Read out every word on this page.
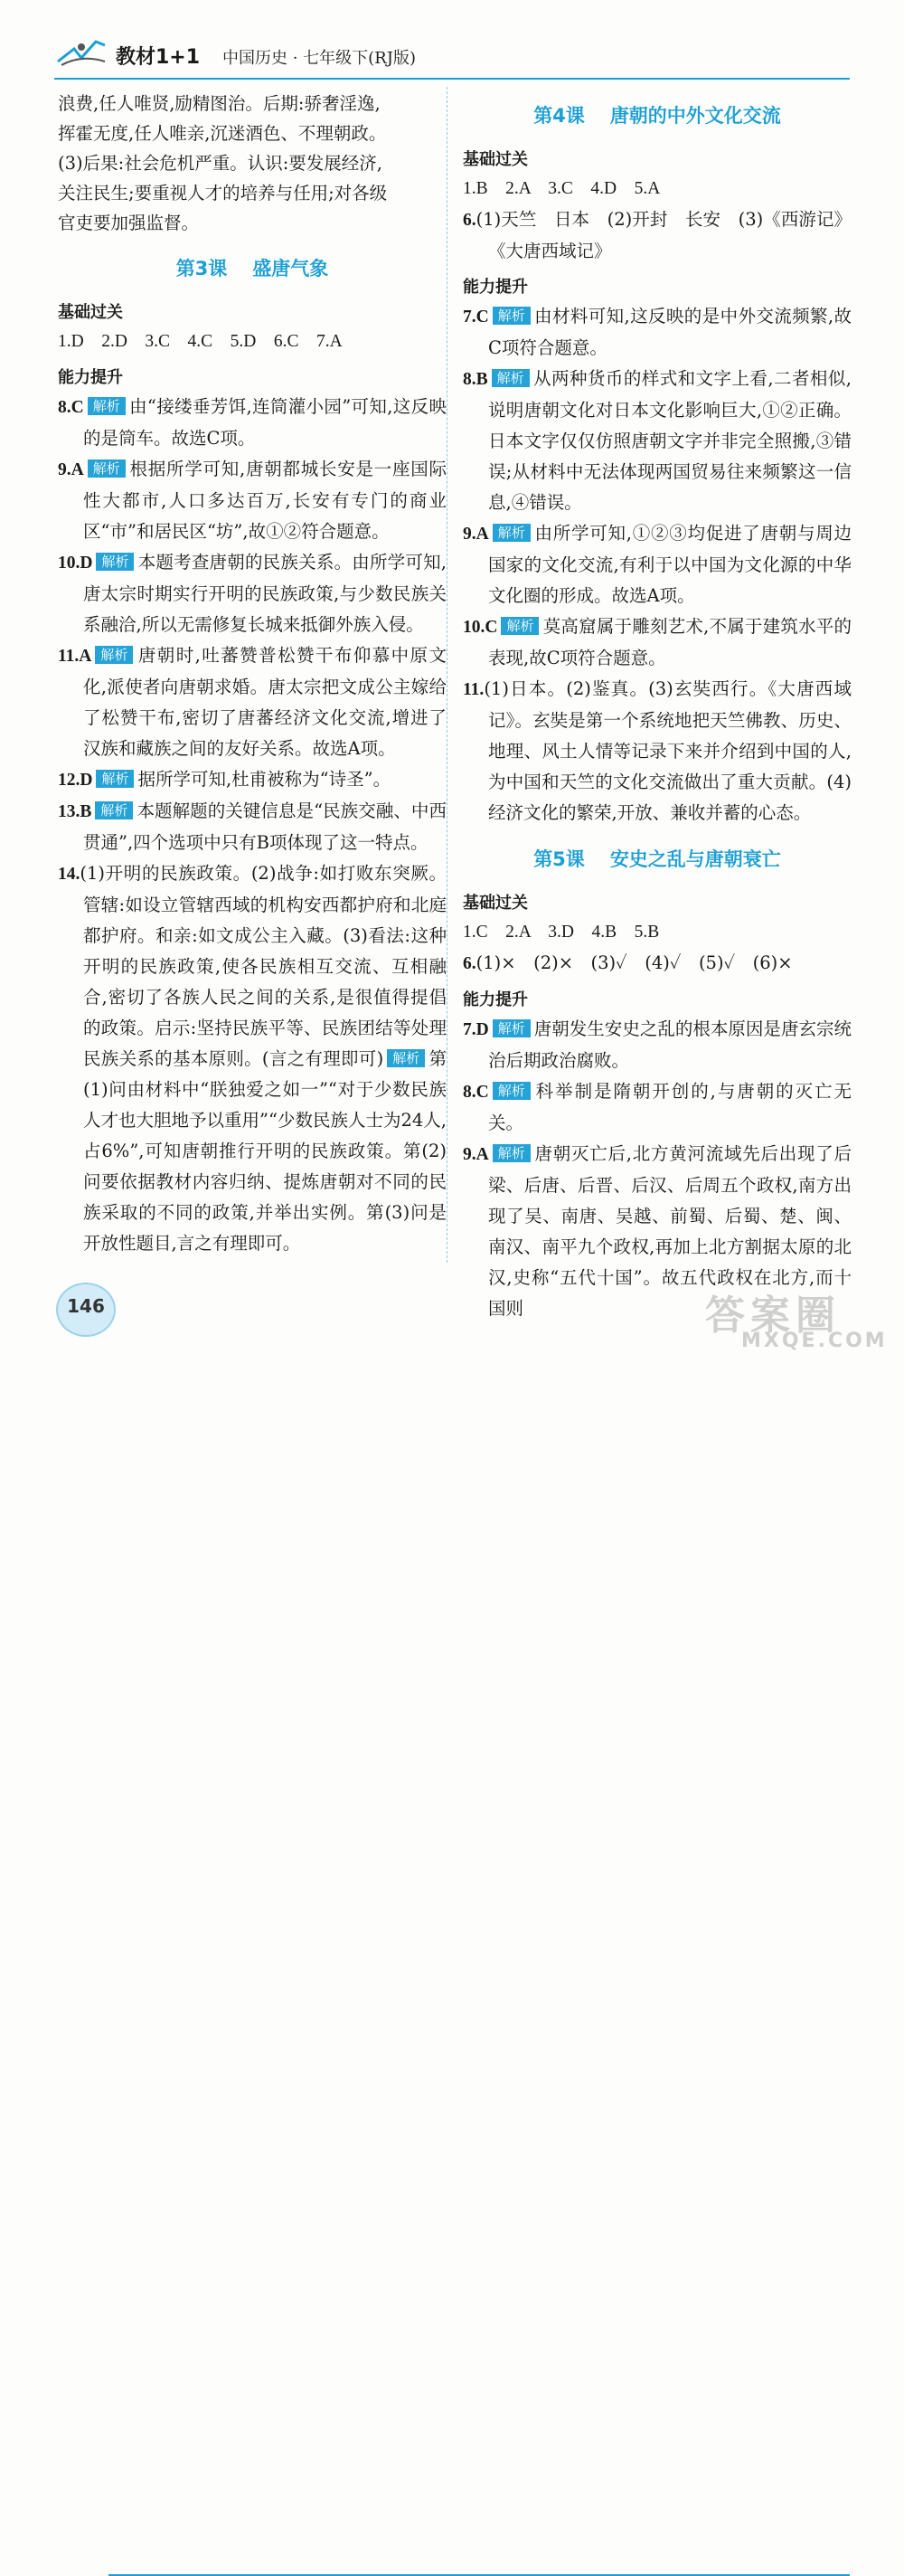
教材1+1 中国历史 · 七年级下(RJ版)

浪费,任人唯贤,励精图治。后期:骄奢淫逸,

挥霍无度,任人唯亲,沉迷酒色、不理朝政。

(3)后果:社会危机严重。认识:要发展经济,

关注民生;要重视人才的培养与任用;对各级

官吏要加强监督。

第3课 盛唐气象
基础过关

1.D　2.D　3.C　4.C　5.D　6.C　7.A

能力提升

8.C 解析 由“接缕垂芳饵,连筒灌小园”可知,这反映的是筒车。故选C项。

9.A 解析 根据所学可知,唐朝都城长安是一座国际性大都市,人口多达百万,长安有专门的商业区“市”和居民区“坊”,故①②符合题意。

10.D 解析 本题考查唐朝的民族关系。由所学可知,唐太宗时期实行开明的民族政策,与少数民族关系融洽,所以无需修复长城来抵御外族入侵。

11.A 解析 唐朝时,吐蕃赞普松赞干布仰慕中原文化,派使者向唐朝求婚。唐太宗把文成公主嫁给了松赞干布,密切了唐蕃经济文化交流,增进了汉族和藏族之间的友好关系。故选A项。

12.D 解析 据所学可知,杜甫被称为“诗圣”。

13.B 解析 本题解题的关键信息是“民族交融、中西贯通”,四个选项中只有B项体现了这一特点。

14.(1)开明的民族政策。(2)战争:如打败东突厥。管辖:如设立管辖西域的机构安西都护府和北庭都护府。和亲:如文成公主入藏。(3)看法:这种开明的民族政策,使各民族相互交流、互相融合,密切了各族人民之间的关系,是很值得提倡的政策。启示:坚持民族平等、民族团结等处理民族关系的基本原则。(言之有理即可) 解析 第(1)问由材料中“朕独爱之如一”“对于少数民族人才也大胆地予以重用”“少数民族人士为24人,占6%”,可知唐朝推行开明的民族政策。第(2)问要依据教材内容归纳、提炼唐朝对不同的民族采取的不同的政策,并举出实例。第(3)问是开放性题目,言之有理即可。

第4课 唐朝的中外文化交流
基础过关

1.B　2.A　3.C　4.D　5.A

6.(1)天竺　日本　(2)开封　长安　(3)《西游记》《大唐西域记》

能力提升

7.C 解析 由材料可知,这反映的是中外交流频繁,故C项符合题意。

8.B 解析 从两种货币的样式和文字上看,二者相似,说明唐朝文化对日本文化影响巨大,①②正确。日本文字仅仅仿照唐朝文字并非完全照搬,③错误;从材料中无法体现两国贸易往来频繁这一信息,④错误。

9.A 解析 由所学可知,①②③均促进了唐朝与周边国家的文化交流,有利于以中国为文化源的中华文化圈的形成。故选A项。

10.C 解析 莫高窟属于雕刻艺术,不属于建筑水平的表现,故C项符合题意。

11.(1)日本。(2)鉴真。(3)玄奘西行。《大唐西域记》。玄奘是第一个系统地把天竺佛教、历史、地理、风土人情等记录下来并介绍到中国的人,为中国和天竺的文化交流做出了重大贡献。(4)经济文化的繁荣,开放、兼收并蓄的心态。

第5课 安史之乱与唐朝衰亡
基础过关

1.C　2.A　3.D　4.B　5.B

6.(1)×　(2)×　(3)✓　(4)✓　(5)✓　(6)×

能力提升

7.D 解析 唐朝发生安史之乱的根本原因是唐玄宗统治后期政治腐败。

8.C 解析 科举制是隋朝开创的,与唐朝的灭亡无关。

9.A 解析 唐朝灭亡后,北方黄河流域先后出现了后梁、后唐、后晋、后汉、后周五个政权,南方出现了吴、南唐、吴越、前蜀、后蜀、楚、闽、南汉、南平九个政权,再加上北方割据太原的北汉,史称“五代十国”。故五代政权在北方,而十国则

146	答案圈
MXQE.COM
